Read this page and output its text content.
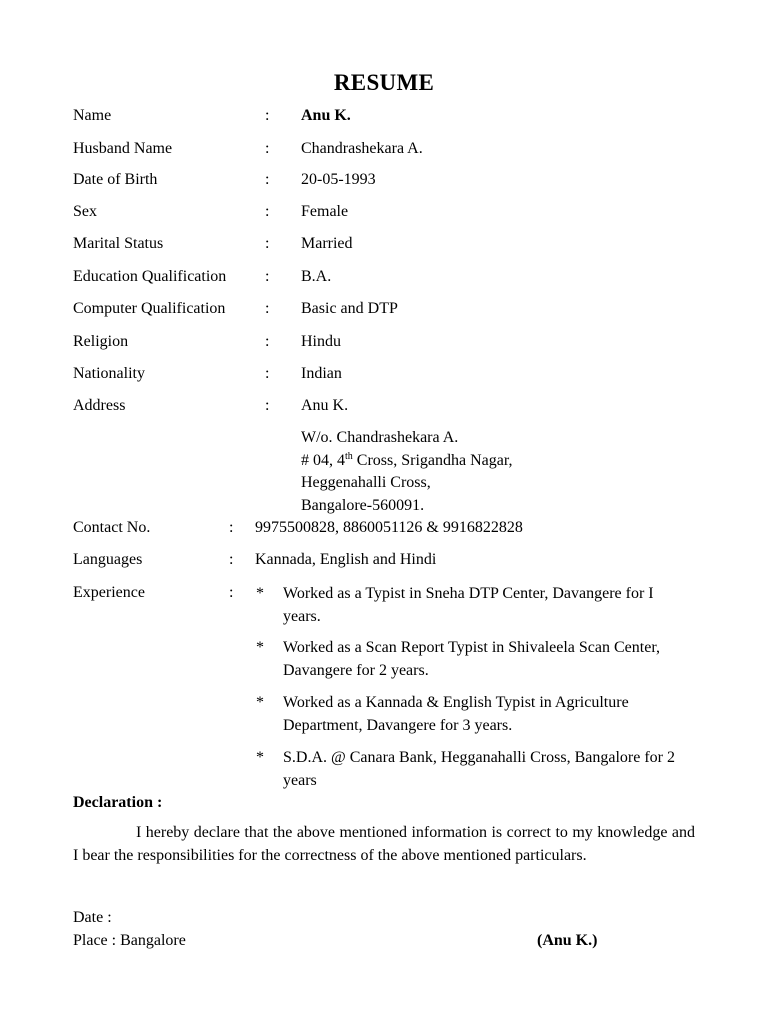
RESUME
Name	: Anu K.
Husband Name	: Chandrashekara A.
Date of Birth	: 20-05-1993
Sex	: Female
Marital Status	: Married
Education Qualification : B.A.
Computer Qualification : Basic and DTP
Religion	: Hindu
Nationality	: Indian
Address	: Anu K.
W/o. Chandrashekara A.
# 04, 4th Cross, Srigandha Nagar,
Heggenahalli Cross,
Bangalore-560091.
Contact No.	: 9975500828, 8860051126 & 9916822828
Languages	: Kannada, English and Hindi
Experience	: * Worked as a Typist in Sneha DTP Center, Davangere for I years.
* Worked as a Scan Report Typist in Shivaleela Scan Center, Davangere for 2 years.
* Worked as a Kannada & English Typist in Agriculture Department, Davangere for 3 years.
* S.D.A. @ Canara Bank, Hegganahalli Cross, Bangalore for 2 years
Declaration :
I hereby declare that the above mentioned information is correct to my knowledge and I bear the responsibilities for the correctness of the above mentioned particulars.
Date :
Place : Bangalore	(Anu K.)
